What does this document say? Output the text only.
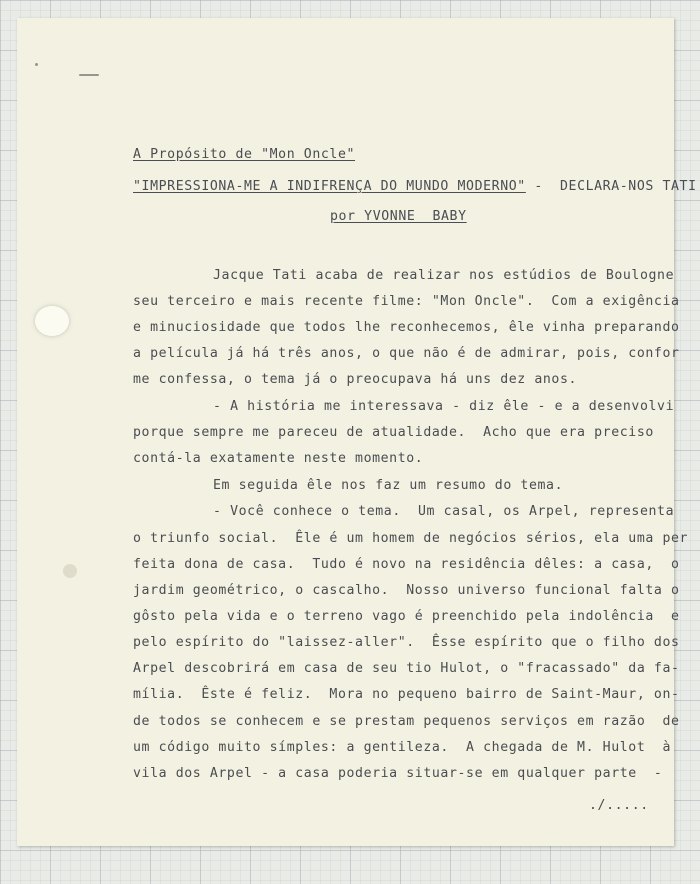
A Propósito de "Mon Oncle"
"IMPRESSIONA-ME A INDIFRENÇA DO MUNDO MODERNO" -  DECLARA-NOS TATI
por YVONNE  BABY
Jacque Tati acaba de realizar nos estúdios de Boulogne
seu terceiro e mais recente filme: "Mon Oncle".  Com a exigência
e minuciosidade que todos lhe reconhecemos, êle vinha preparando
a película já há três anos, o que não é de admirar, pois, confor
me confessa, o tema já o preocupava há uns dez anos.
- A história me interessava - diz êle - e a desenvolvi
porque sempre me pareceu de atualidade.  Acho que era preciso
contá-la exatamente neste momento.
Em seguida êle nos faz um resumo do tema.
- Você conhece o tema.  Um casal, os Arpel, representa
o triunfo social.  Êle é um homem de negócios sérios, ela uma per
feita dona de casa.  Tudo é novo na residência dêles: a casa,  o
jardim geométrico, o cascalho.  Nosso universo funcional falta o
gôsto pela vida e o terreno vago é preenchido pela indolência  e
pelo espírito do "laissez-aller".  Êsse espírito que o filho dos
Arpel descobrirá em casa de seu tio Hulot, o "fracassado" da fa-
mília.  Êste é feliz.  Mora no pequeno bairro de Saint-Maur, on-
de todos se conhecem e se prestam pequenos serviços em razão  de
um código muito símples: a gentileza.  A chegada de M. Hulot  à
vila dos Arpel - a casa poderia situar-se em qualquer parte  -
./.....
